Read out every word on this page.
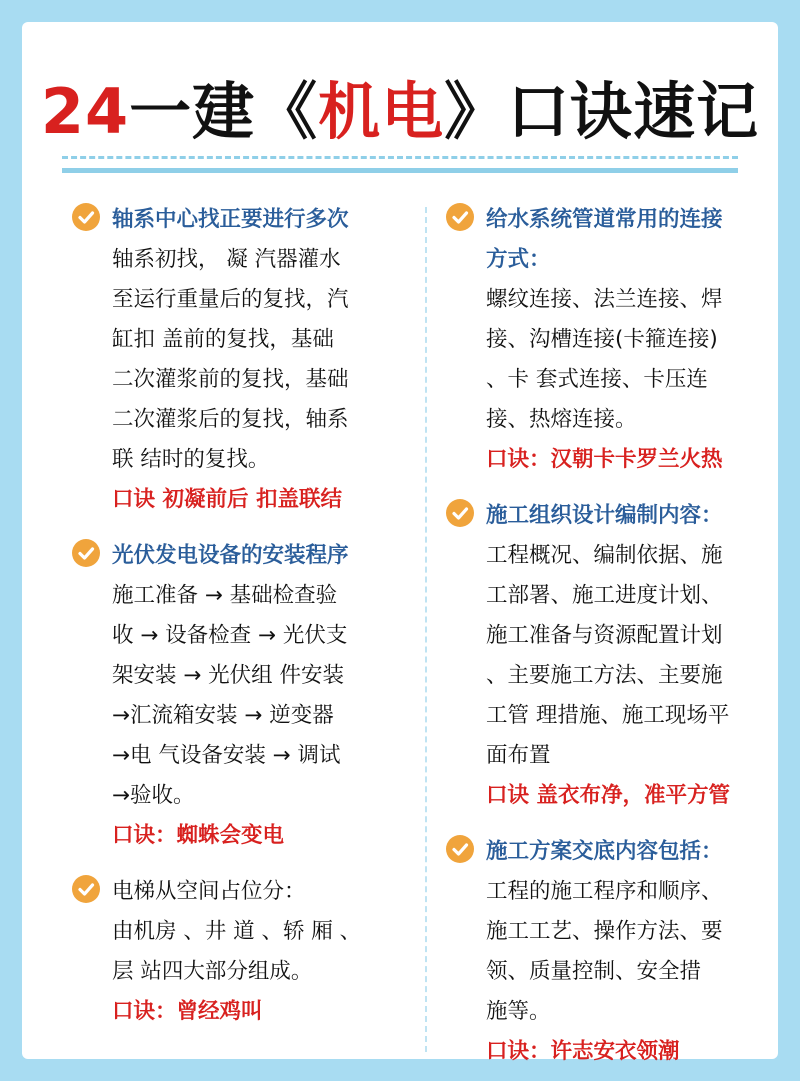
24一建《机电》口诀速记
轴系中心找正要进行多次
轴系初找， 凝 汽器灌水
至运行重量后的复找，汽
缸扣 盖前的复找，基础
二次灌浆前的复找，基础
二次灌浆后的复找，轴系
联 结时的复找。
口诀 初凝前后 扣盖联结
光伏发电设备的安装程序
施工准备 → 基础检查验
收 → 设备检查 → 光伏支
架安装 → 光伏组 件安装
→汇流箱安装 → 逆变器
→电 气设备安装 → 调试
→验收。
口诀：蜘蛛会变电
电梯从空间占位分：
由机房 、井 道 、轿 厢 、
层 站四大部分组成。
口诀：曾经鸡叫
给水系统管道常用的连接
方式：
螺纹连接、法兰连接、焊
接、沟槽连接(卡箍连接)
、卡 套式连接、卡压连
接、热熔连接。
口诀：汉朝卡卡罗兰火热
施工组织设计编制内容：
工程概况、编制依据、施
工部署、施工进度计划、
施工准备与资源配置计划
、主要施工方法、主要施
工管 理措施、施工现场平
面布置
口诀 盖衣布净，准平方管
施工方案交底内容包括：
工程的施工程序和顺序、
施工工艺、操作方法、要
领、质量控制、安全措
施等。
口诀：许志安衣领潮
